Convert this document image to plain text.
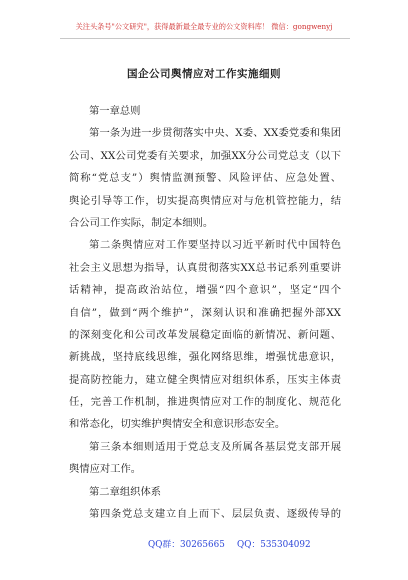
关注头条号"公文研究"，获得最新最全最专业的公文资料库！ 微信：gongwenyj
国企公司舆情应对工作实施细则
第一章总则
第一条为进一步贯彻落实中央、X委、XX委党委和集团
公司、XX公司党委有关要求，加强XX分公司党总支（以下
简称“党总支”）舆情监测预警、风险评估、应急处置、
舆论引导等工作，切实提高舆情应对与危机管控能力，结
合公司工作实际，制定本细则。
第二条舆情应对工作要坚持以习近平新时代中国特色
社会主义思想为指导，认真贯彻落实XX总书记系列重要讲
话精神，提高政治站位，增强“四个意识”，坚定“四个
自信”，做到“两个维护”，深刻认识和准确把握外部XX
的深刻变化和公司改革发展稳定面临的新情况、新问题、
新挑战，坚持底线思维，强化网络思维，增强忧患意识，
提高防控能力，建立健全舆情应对组织体系，压实主体责
任，完善工作机制，推进舆情应对工作的制度化、规范化
和常态化，切实维护舆情安全和意识形态安全。
第三条本细则适用于党总支及所属各基层党支部开展
舆情应对工作。
第二章组织体系
第四条党总支建立自上而下、层层负责、逐级传导的
QQ群：30265665 QQ：535304092
